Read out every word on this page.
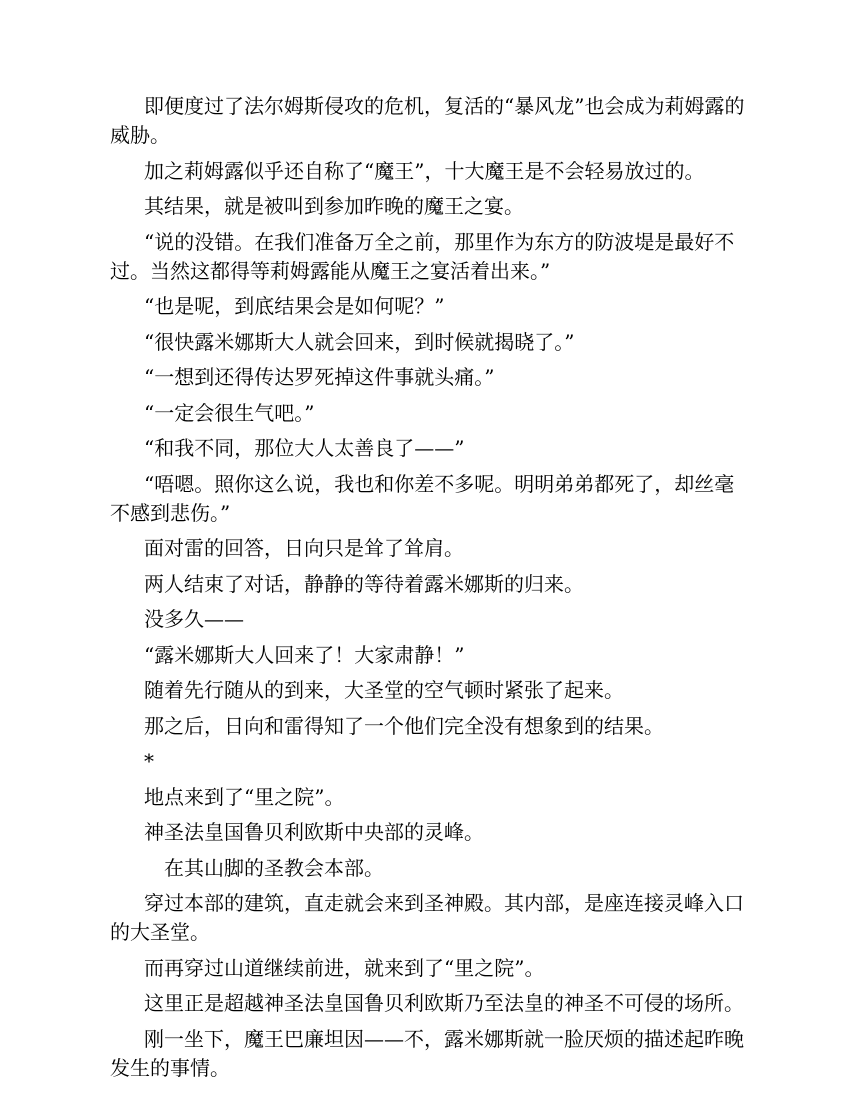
即便度过了法尔姆斯侵攻的危机，复活的“暴风龙”也会成为莉姆露的威胁。

加之莉姆露似乎还自称了“魔王”，十大魔王是不会轻易放过的。

其结果，就是被叫到参加昨晚的魔王之宴。

“说的没错。在我们准备万全之前，那里作为东方的防波堤是最好不过。当然这都得等莉姆露能从魔王之宴活着出来。”

“也是呢，到底结果会是如何呢？”

“很快露米娜斯大人就会回来，到时候就揭晓了。”

“一想到还得传达罗死掉这件事就头痛。”

“一定会很生气吧。”

“和我不同，那位大人太善良了——”

“唔嗯。照你这么说，我也和你差不多呢。明明弟弟都死了，却丝毫不感到悲伤。”

面对雷的回答，日向只是耸了耸肩。

两人结束了对话，静静的等待着露米娜斯的归来。

没多久——

“露米娜斯大人回来了！大家肃静！”

随着先行随从的到来，大圣堂的空气顿时紧张了起来。

那之后，日向和雷得知了一个他们完全没有想象到的结果。

*

地点来到了“里之院”。

神圣法皇国鲁贝利欧斯中央部的灵峰。

在其山脚的圣教会本部。

穿过本部的建筑，直走就会来到圣神殿。其内部，是座连接灵峰入口的大圣堂。

而再穿过山道继续前进，就来到了“里之院”。

这里正是超越神圣法皇国鲁贝利欧斯乃至法皇的神圣不可侵的场所。

刚一坐下，魔王巴廉坦因——不，露米娜斯就一脸厌烦的描述起昨晚发生的事情。
